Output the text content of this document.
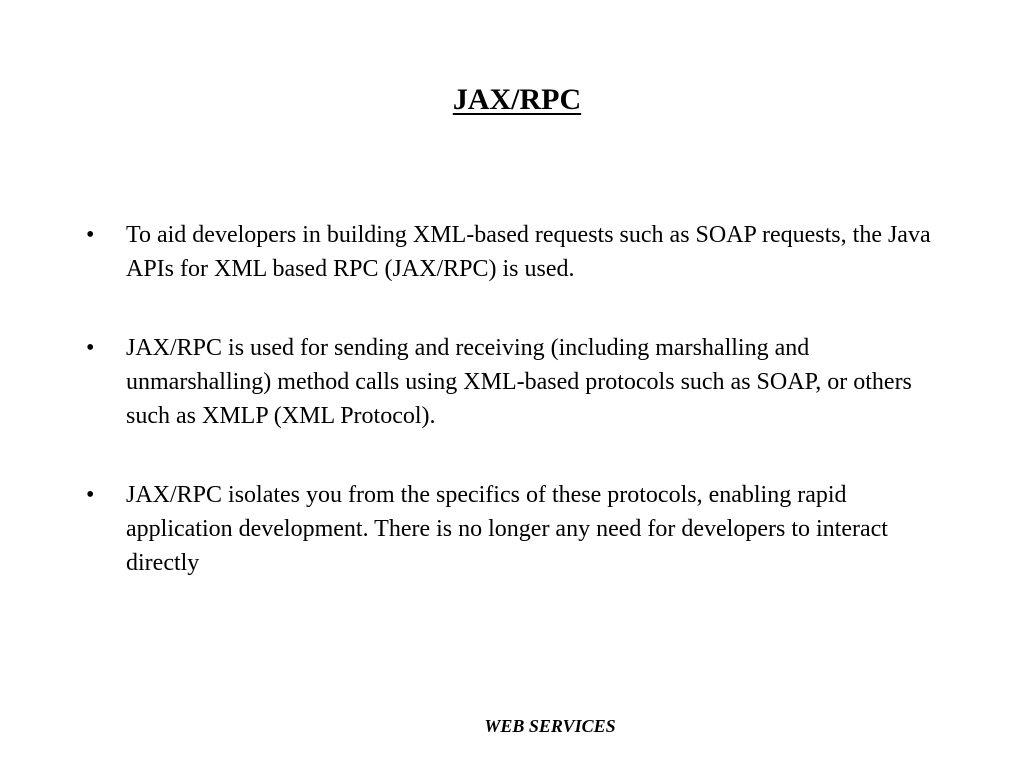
JAX/RPC
•	To aid developers in building XML-based requests such as SOAP requests, the Java APIs for XML based RPC (JAX/RPC) is used.
•	JAX/RPC is used for sending and receiving (including marshalling and unmarshalling) method calls using XML-based protocols such as SOAP, or others such as XMLP (XML Protocol).
•	JAX/RPC isolates you from the specifics of these protocols, enabling rapid application development. There is no longer any need for developers to interact directly
WEB SERVICES
